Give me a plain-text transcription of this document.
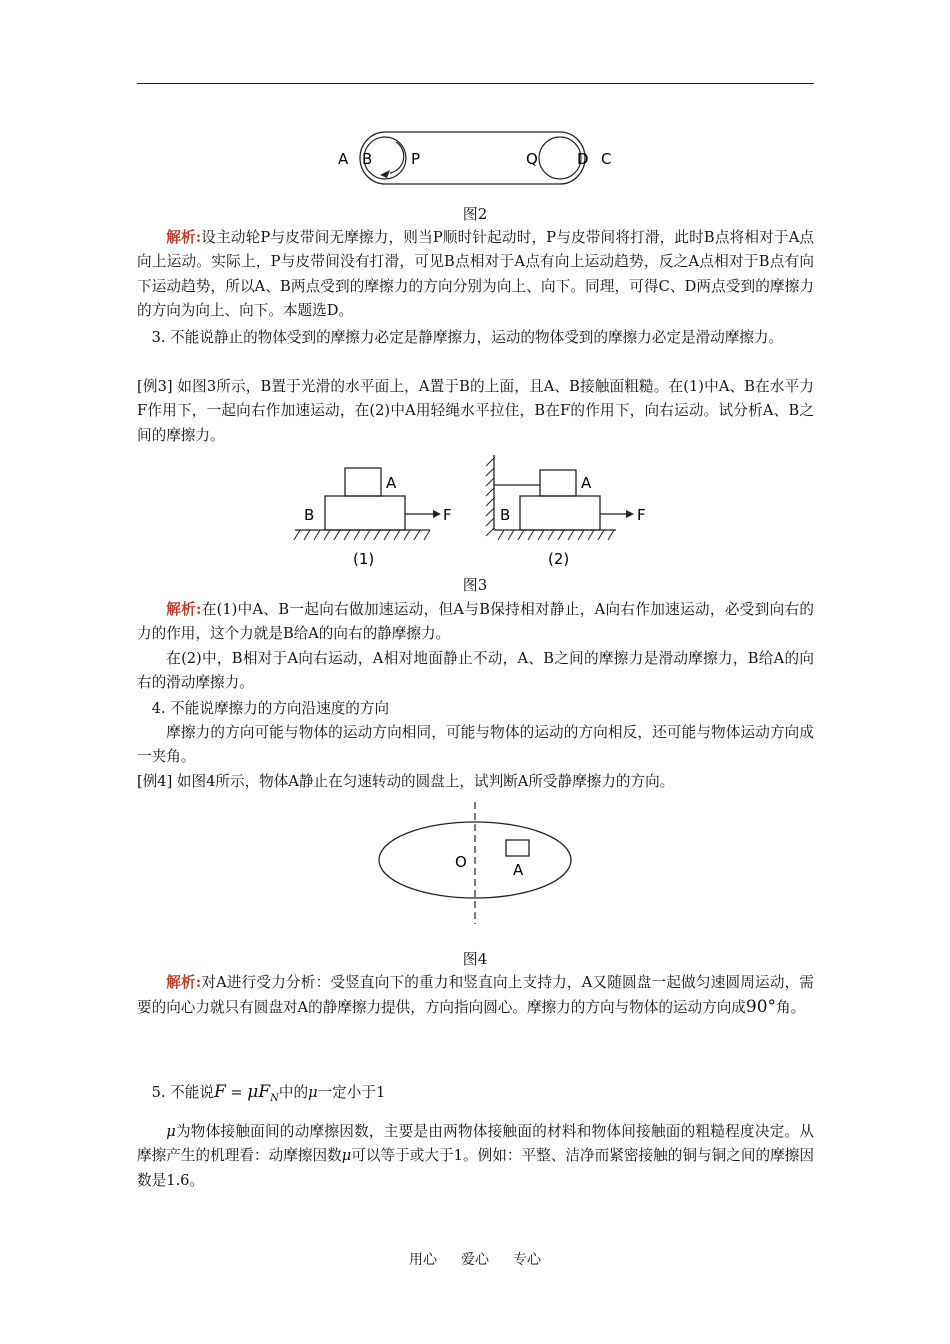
A B	P	Q	D C
图2
解析:设主动轮P与皮带间无摩擦力，则当P顺时针起动时，P与皮带间将打滑，此时B点将相对于A点向上运动。实际上，P与皮带间没有打滑，可见B点相对于A点有向上运动趋势，反之A点相对于B点有向下运动趋势，所以A、B两点受到的摩擦力的方向分别为向上、向下。同理，可得C、D两点受到的摩擦力的方向为向上、向下。本题选D。
3. 不能说静止的物体受到的摩擦力必定是静摩擦力，运动的物体受到的摩擦力必定是滑动摩擦力。
[例3] 如图3所示，B置于光滑的水平面上，A置于B的上面，且A、B接触面粗糙。在(1)中A、B在水平力F作用下，一起向右作加速运动，在(2)中A用轻绳水平拉住，B在F的作用下，向右运动。试分析A、B之间的摩擦力。
A
B	F
(1)
A
B	F
(2)
图3
解析:在(1)中A、B一起向右做加速运动，但A与B保持相对静止，A向右作加速运动，必受到向右的力的作用，这个力就是B给A的向右的静摩擦力。
在(2)中，B相对于A向右运动，A相对地面静止不动，A、B之间的摩擦力是滑动摩擦力，B给A的向右的滑动摩擦力。
4. 不能说摩擦力的方向沿速度的方向
摩擦力的方向可能与物体的运动方向相同，可能与物体的运动的方向相反，还可能与物体运动方向成一夹角。
[例4] 如图4所示，物体A静止在匀速转动的圆盘上，试判断A所受静摩擦力的方向。
O	A
图4
解析:对A进行受力分析：受竖直向下的重力和竖直向上支持力，A又随圆盘一起做匀速圆周运动，需要的向心力就只有圆盘对A的静摩擦力提供，方向指向圆心。摩擦力的方向与物体的运动方向成90°角。
5. 不能说$F = \mu F_N$中的μ一定小于1
μ为物体接触面间的动摩擦因数，主要是由两物体接触面的材料和物体间接触面的粗糙程度决定。从摩擦产生的机理看：动摩擦因数μ可以等于或大于1。例如：平整、洁净而紧密接触的铜与铜之间的摩擦因数是1.6。
用心 爱心 专心
